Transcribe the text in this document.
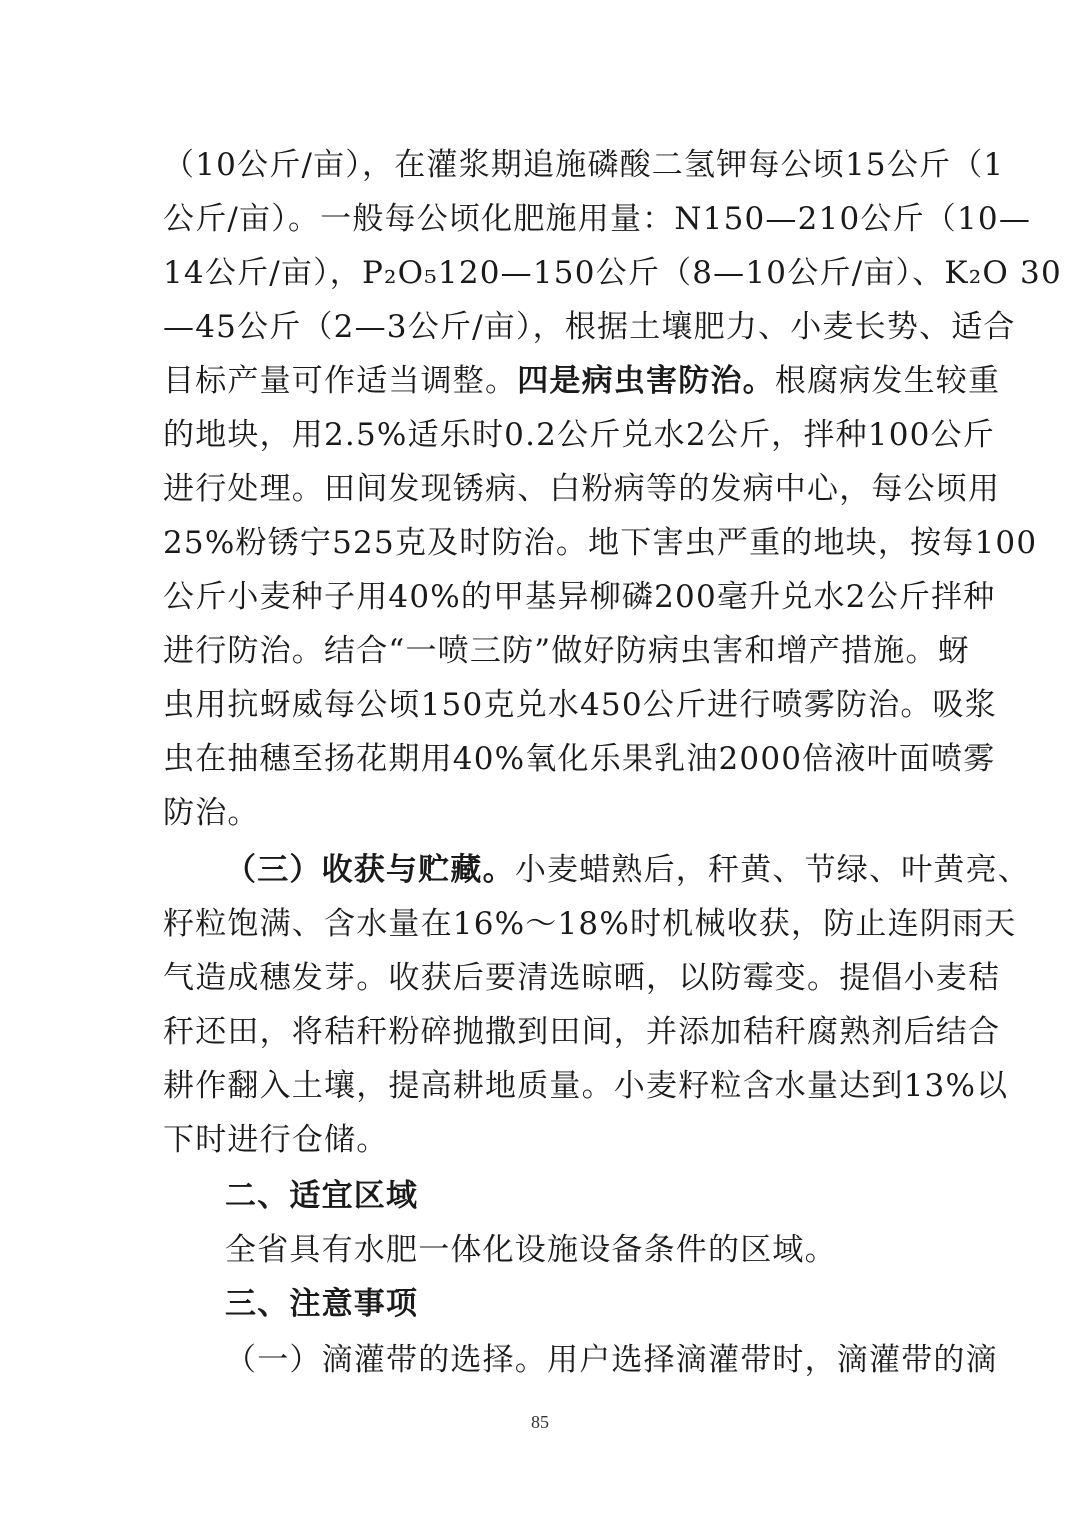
（10公斤/亩），在灌浆期追施磷酸二氢钾每公顷15公斤（1
公斤/亩）。一般每公顷化肥施用量：N150—210公斤（10—
14公斤/亩），P₂O₅120—150公斤（8—10公斤/亩）、K₂O 30
—45公斤（2—3公斤/亩），根据土壤肥力、小麦长势、适合
目标产量可作适当调整。四是病虫害防治。根腐病发生较重
的地块，用2.5%适乐时0.2公斤兑水2公斤，拌种100公斤
进行处理。田间发现锈病、白粉病等的发病中心，每公顷用
25%粉锈宁525克及时防治。地下害虫严重的地块，按每100
公斤小麦种子用40%的甲基异柳磷200毫升兑水2公斤拌种
进行防治。结合“一喷三防”做好防病虫害和增产措施。蚜
虫用抗蚜威每公顷150克兑水450公斤进行喷雾防治。吸浆
虫在抽穗至扬花期用40%氧化乐果乳油2000倍液叶面喷雾
防治。
（三）收获与贮藏。小麦蜡熟后，秆黄、节绿、叶黄亮、
籽粒饱满、含水量在16%～18%时机械收获，防止连阴雨天
气造成穗发芽。收获后要清选晾晒，以防霉变。提倡小麦秸
秆还田，将秸秆粉碎抛撒到田间，并添加秸秆腐熟剂后结合
耕作翻入土壤，提高耕地质量。小麦籽粒含水量达到13%以
下时进行仓储。
二、适宜区域
全省具有水肥一体化设施设备条件的区域。
三、注意事项
（一）滴灌带的选择。用户选择滴灌带时，滴灌带的滴
85
